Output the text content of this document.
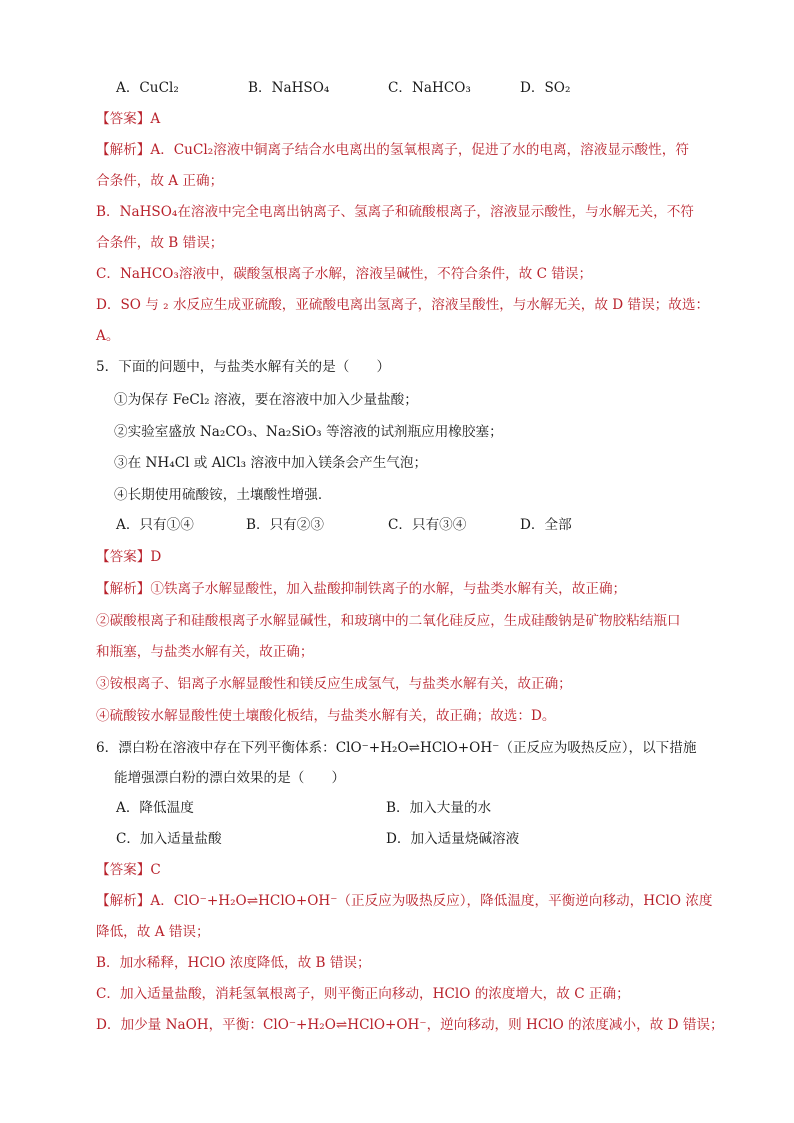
A．CuCl₂	B．NaHSO₄	C．NaHCO₃	D．SO₂
【答案】A
【解析】A．CuCl₂溶液中铜离子结合水电离出的氢氧根离子，促进了水的电离，溶液显示酸性，符
合条件，故 A 正确；
B．NaHSO₄在溶液中完全电离出钠离子、氢离子和硫酸根离子，溶液显示酸性，与水解无关，不符
合条件，故 B 错误；
C．NaHCO₃溶液中，碳酸氢根离子水解，溶液呈碱性，不符合条件，故 C 错误；
D．SO 与 ₂ 水反应生成亚硫酸，亚硫酸电离出氢离子，溶液呈酸性，与水解无关，故 D 错误；故选：
A。
5．下面的问题中，与盐类水解有关的是（　　）
①为保存 FeCl₂ 溶液，要在溶液中加入少量盐酸；
②实验室盛放 Na₂CO₃、Na₂SiO₃ 等溶液的试剂瓶应用橡胶塞；
③在 NH₄Cl 或 AlCl₃ 溶液中加入镁条会产生气泡；
④长期使用硫酸铵，土壤酸性增强．
A．只有①④	B．只有②③	C．只有③④	D．全部
【答案】D
【解析】①铁离子水解显酸性，加入盐酸抑制铁离子的水解，与盐类水解有关，故正确；
②碳酸根离子和硅酸根离子水解显碱性，和玻璃中的二氧化硅反应，生成硅酸钠是矿物胶粘结瓶口
和瓶塞，与盐类水解有关，故正确；
③铵根离子、铝离子水解显酸性和镁反应生成氢气，与盐类水解有关，故正确；
④硫酸铵水解显酸性使土壤酸化板结，与盐类水解有关，故正确；故选：D。
6．漂白粉在溶液中存在下列平衡体系：ClO⁻+H₂O⇌HClO+OH⁻（正反应为吸热反应），以下措施
能增强漂白粉的漂白效果的是（　　）
A．降低温度	B．加入大量的水
C．加入适量盐酸	D．加入适量烧碱溶液
【答案】C
【解析】A．ClO⁻+H₂O⇌HClO+OH⁻（正反应为吸热反应），降低温度，平衡逆向移动，HClO 浓度
降低，故 A 错误；
B．加水稀释，HClO 浓度降低，故 B 错误；
C．加入适量盐酸，消耗氢氧根离子，则平衡正向移动，HClO 的浓度增大，故 C 正确；
D．加少量 NaOH，平衡：ClO⁻+H₂O⇌HClO+OH⁻，逆向移动，则 HClO 的浓度减小，故 D 错误；
